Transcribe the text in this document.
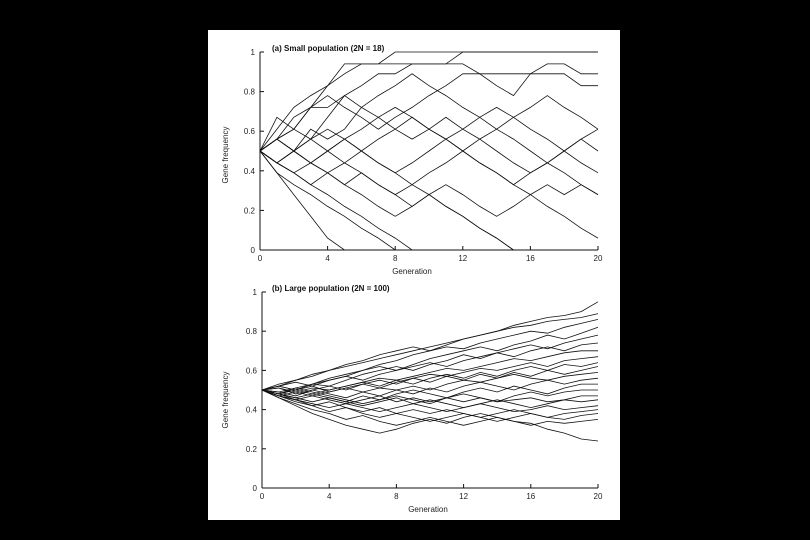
(a) Small population (2N = 18)
Generation
Gene frequency
0
0.2
0.4
0.6
0.8
1
0	4	8	12	16	20
(b) Large population (2N = 100)
Generation
Gene frequency
0
0.2
0.4
0.6
0.8
1
0	4	8	12	16	20
